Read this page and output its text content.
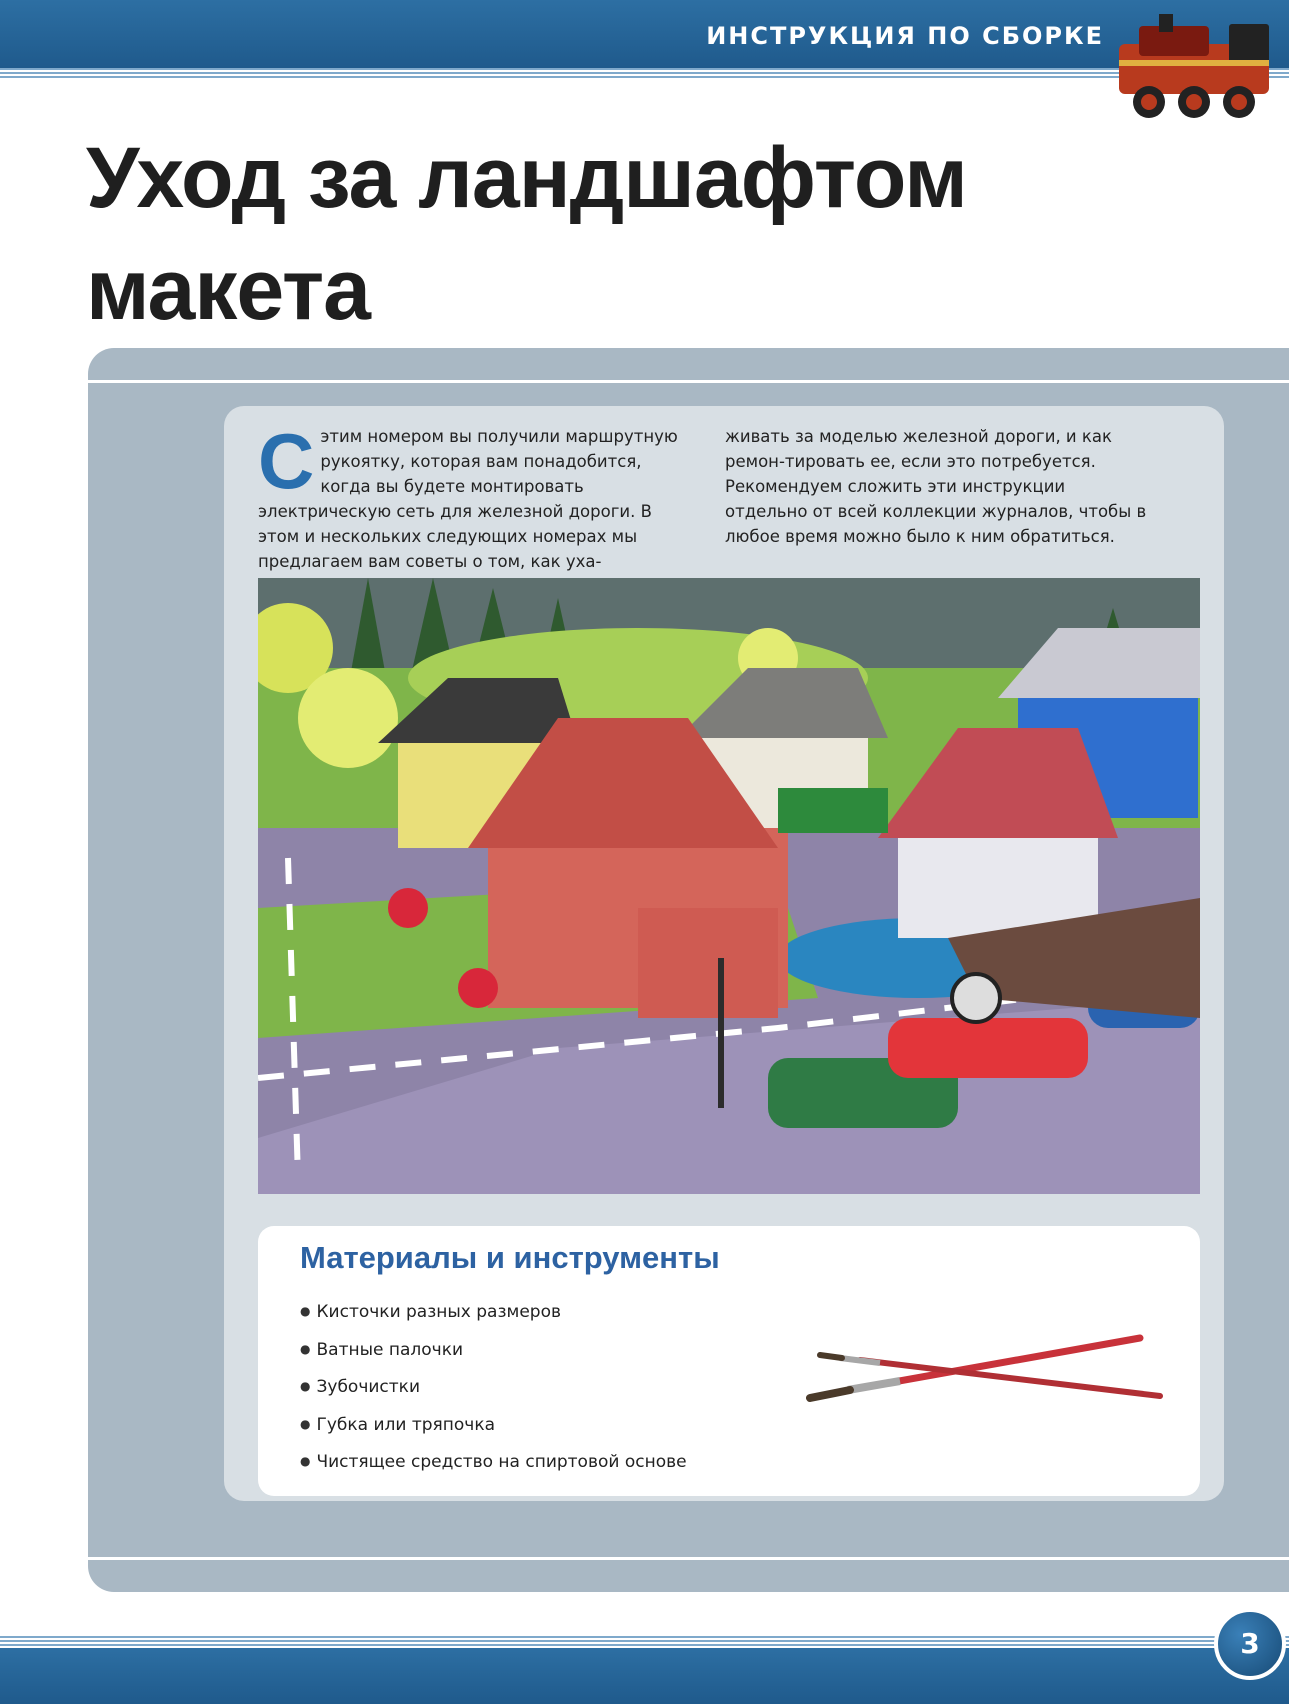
ИНСТРУКЦИЯ ПО СБОРКЕ
Уход за ландшафтом
макета
С этим номером вы получили маршрутную рукоятку, которая вам понадобится, когда вы будете монтировать электрическую сеть для железной дороги. В этом и нескольких следующих номерах мы предлагаем вам советы о том, как уха-
живать за моделью железной дороги, и как ремон-тировать ее, если это потребуется. Рекомендуем сложить эти инструкции отдельно от всей коллекции журналов, чтобы в любое время можно было к ним обратиться.
Материалы и инструменты
● Кисточки разных размеров
● Ватные палочки
● Зубочистки
● Губка или тряпочка
● Чистящее средство на спиртовой основе
3
